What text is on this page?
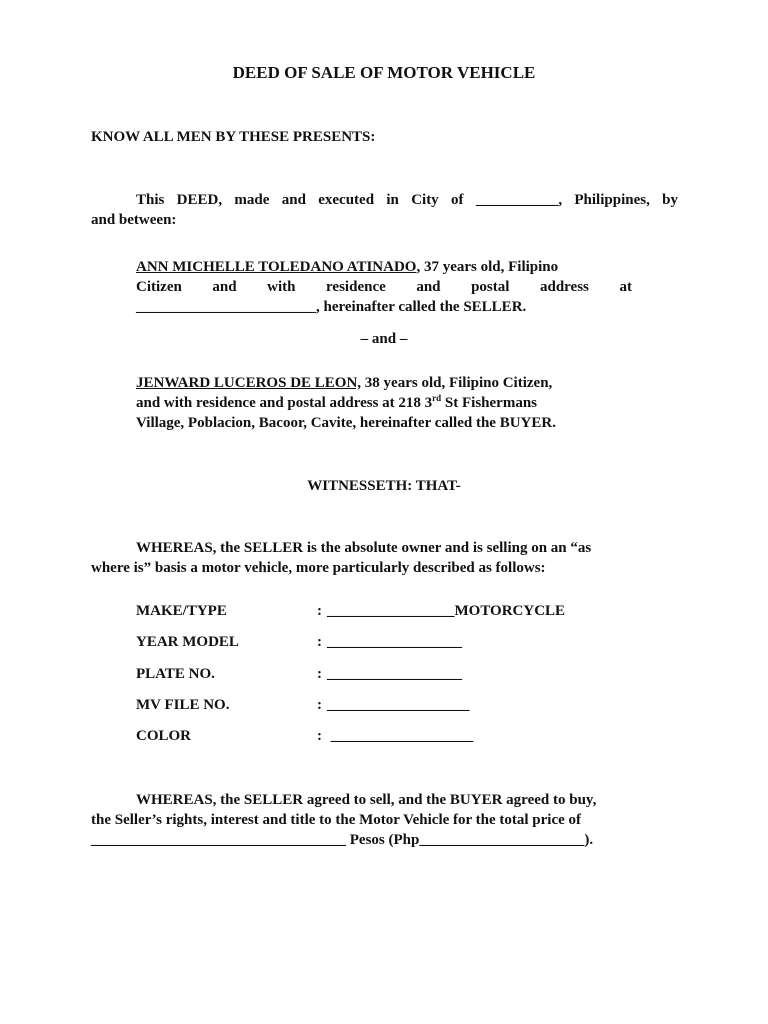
DEED OF SALE OF MOTOR VEHICLE
KNOW ALL MEN BY THESE PRESENTS:
This DEED, made and executed in City of ___________, Philippines, by
and between:
ANN MICHELLE TOLEDANO ATINADO, 37 years old, Filipino
Citizen and with residence and postal address at
________________________, hereinafter called the SELLER.
– and –
JENWARD LUCEROS DE LEON, 38 years old, Filipino Citizen,
and with residence and postal address at 218 3rd St Fishermans
Village, Poblacion, Bacoor, Cavite, hereinafter called the BUYER.
WITNESSETH: THAT-
WHEREAS, the SELLER is the absolute owner and is selling on an “as
where is” basis a motor vehicle, more particularly described as follows:
MAKE/TYPE	: _________________MOTORCYCLE
YEAR MODEL	: __________________
PLATE NO.	: __________________
MV FILE NO.	: ___________________
COLOR	: ___________________
WHEREAS, the SELLER agreed to sell, and the BUYER agreed to buy,
the Seller’s rights, interest and title to the Motor Vehicle for the total price of
__________________________________ Pesos (Php______________________).
